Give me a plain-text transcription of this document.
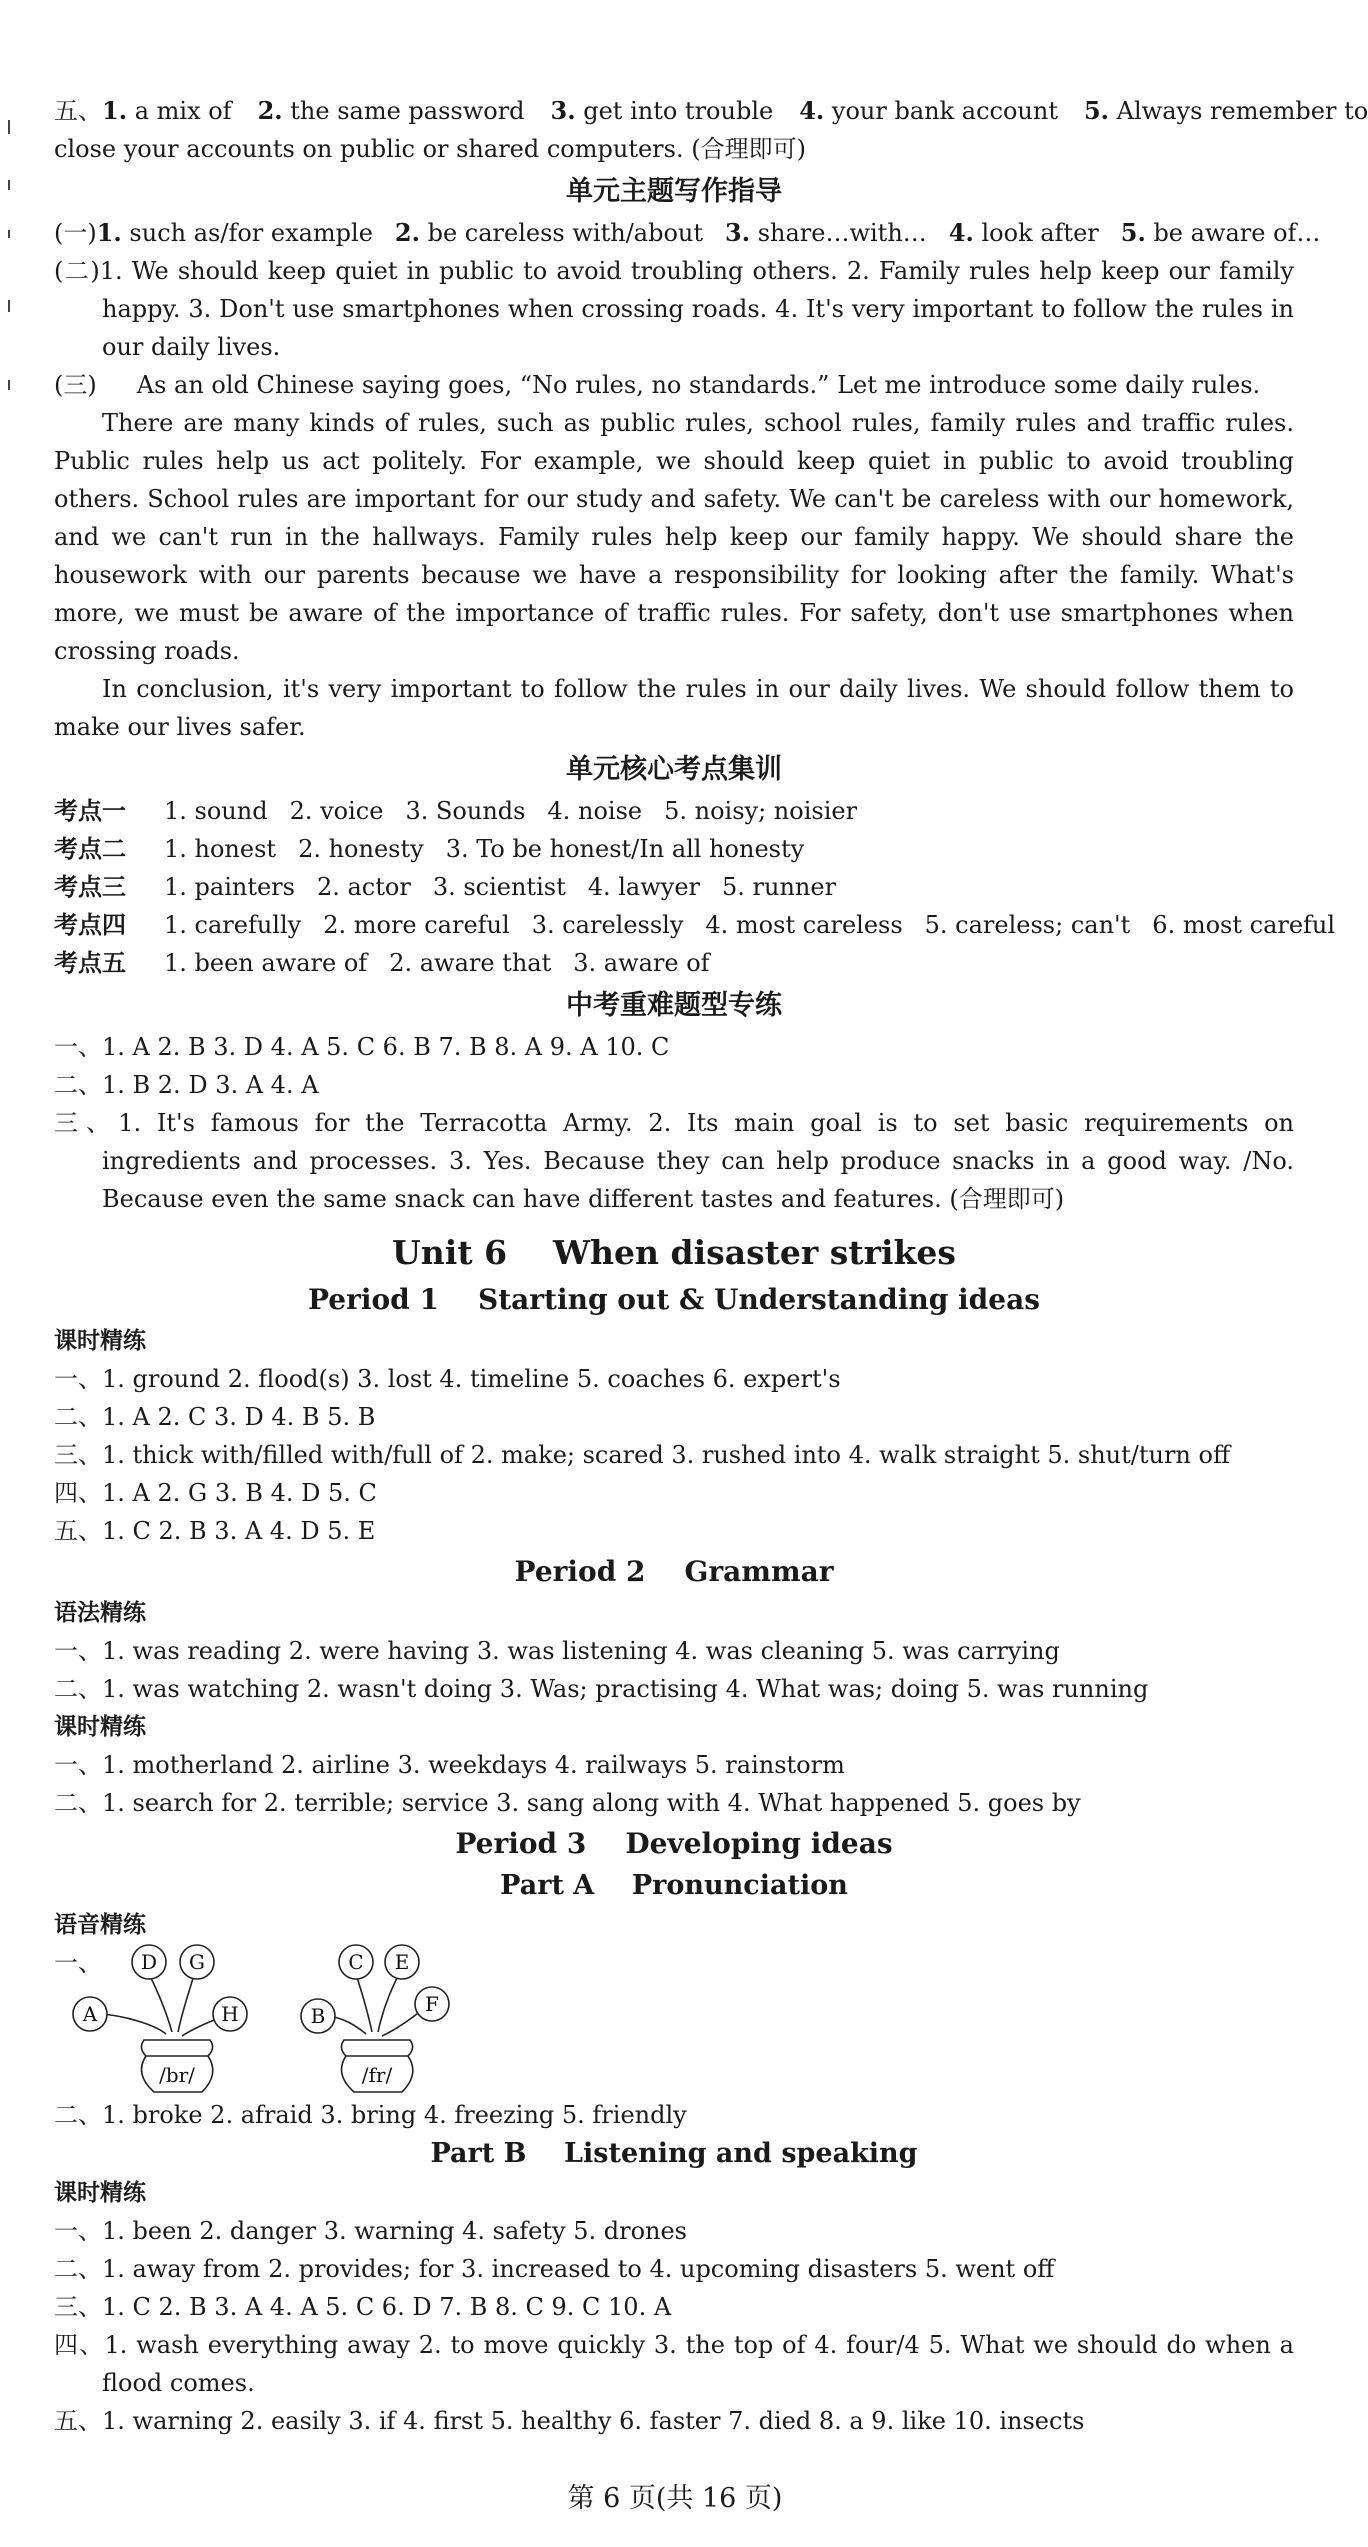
五、1. a mix of 2. the same password 3. get into trouble 4. your bank account 5. Always remember to
close your accounts on public or shared computers. (合理即可)
单元主题写作指导
(一)1. such as/for example 2. be careless with/about 3. share…with… 4. look after 5. be aware of…
(二)1. We should keep quiet in public to avoid troubling others. 2. Family rules help keep our family happy. 3. Don't use smartphones when crossing roads. 4. It's very important to follow the rules in our daily lives.
(三) As an old Chinese saying goes, “No rules, no standards.” Let me introduce some daily rules.
There are many kinds of rules, such as public rules, school rules, family rules and traffic rules. Public rules help us act politely. For example, we should keep quiet in public to avoid troubling others. School rules are important for our study and safety. We can't be careless with our homework, and we can't run in the hallways. Family rules help keep our family happy. We should share the housework with our parents because we have a responsibility for looking after the family. What's more, we must be aware of the importance of traffic rules. For safety, don't use smartphones when crossing roads.
In conclusion, it's very important to follow the rules in our daily lives. We should follow them to make our lives safer.
单元核心考点集训
考点一 1. sound 2. voice 3. Sounds 4. noise 5. noisy; noisier
考点二 1. honest 2. honesty 3. To be honest/In all honesty
考点三 1. painters 2. actor 3. scientist 4. lawyer 5. runner
考点四 1. carefully 2. more careful 3. carelessly 4. most careless 5. careless; can't 6. most careful
考点五 1. been aware of 2. aware that 3. aware of
中考重难题型专练
一、1. A 2. B 3. D 4. A 5. C 6. B 7. B 8. A 9. A 10. C
二、1. B 2. D 3. A 4. A
三、1. It's famous for the Terracotta Army. 2. Its main goal is to set basic requirements on ingredients and processes. 3. Yes. Because they can help produce snacks in a good way. /No. Because even the same snack can have different tastes and features. (合理即可)
Unit 6    When disaster strikes
Period 1    Starting out & Understanding ideas
课时精练
一、1. ground 2. flood(s) 3. lost 4. timeline 5. coaches 6. expert's
二、1. A 2. C 3. D 4. B 5. B
三、1. thick with/filled with/full of 2. make; scared 3. rushed into 4. walk straight 5. shut/turn off
四、1. A 2. G 3. B 4. D 5. C
五、1. C 2. B 3. A 4. D 5. E
Period 2    Grammar
语法精练
一、1. was reading 2. were having 3. was listening 4. was cleaning 5. was carrying
二、1. was watching 2. wasn't doing 3. Was; practising 4. What was; doing 5. was running
课时精练
一、1. motherland 2. airline 3. weekdays 4. railways 5. rainstorm
二、1. search for 2. terrible; service 3. sang along with 4. What happened 5. goes by
Period 3    Developing ideas
Part A    Pronunciation
语音精练
一、
A
D G
H	B
C E
F
/br/	/fr/
二、1. broke 2. afraid 3. bring 4. freezing 5. friendly
Part B    Listening and speaking
课时精练
一、1. been 2. danger 3. warning 4. safety 5. drones
二、1. away from 2. provides; for 3. increased to 4. upcoming disasters 5. went off
三、1. C 2. B 3. A 4. A 5. C 6. D 7. B 8. C 9. C 10. A
四、1. wash everything away 2. to move quickly 3. the top of 4. four/4 5. What we should do when a flood comes.
五、1. warning 2. easily 3. if 4. first 5. healthy 6. faster 7. died 8. a 9. like 10. insects
第 6 页(共 16 页)
